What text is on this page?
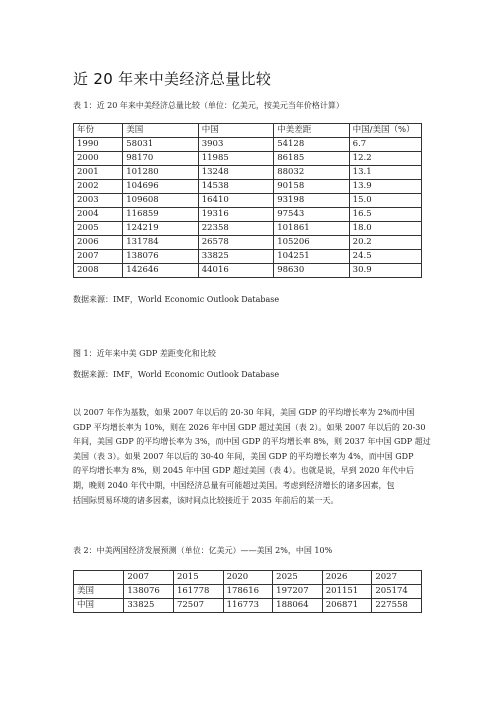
近 20 年来中美经济总量比较
表 1：近 20 年来中美经济总量比较（单位：亿美元，按美元当年价格计算）
年份	美国	中国	中美差距	中国/美国（%）
1990	58031	3903	54128	6.7
2000	98170	11985	86185	12.2
2001	101280	13248	88032	13.1
2002	104696	14538	90158	13.9
2003	109608	16410	93198	15.0
2004	116859	19316	97543	16.5
2005	124219	22358	101861	18.0
2006	131784	26578	105206	20.2
2007	138076	33825	104251	24.5
2008	142646	44016	98630	30.9
数据来源：IMF，World Economic Outlook Database
图 1：近年来中美 GDP 差距变化和比较
数据来源：IMF，World Economic Outlook Database
以 2007 年作为基数，如果 2007 年以后的 20-30 年间，美国 GDP 的平均增长率为 2%而中国
GDP 平均增长率为 10%，则在 2026 年中国 GDP 超过美国（表 2）。如果 2007 年以后的 20-30
年间，美国 GDP 的平均增长率为 3%，而中国 GDP 的平均增长率 8%，则 2037 年中国 GDP 超过
美国（表 3）。如果 2007 年以后的 30-40 年间，美国 GDP 的平均增长率为 4%，而中国 GDP
的平均增长率为 8%，则 2045 年中国 GDP 超过美国（表 4）。也就是说，早到 2020 年代中后
期，晚则 2040 年代中期，中国经济总量有可能超过美国。考虑到经济增长的诸多因素，包
括国际贸易环境的诸多因素，该时间点比较接近于 2035 年前后的某一天。
表 2：中美两国经济发展预测（单位：亿美元）——美国 2%，中国 10%
	2007	2015	2020	2025	2026	2027
美国	138076	161778	178616	197207	201151	205174
中国	33825	72507	116773	188064	206871	227558
